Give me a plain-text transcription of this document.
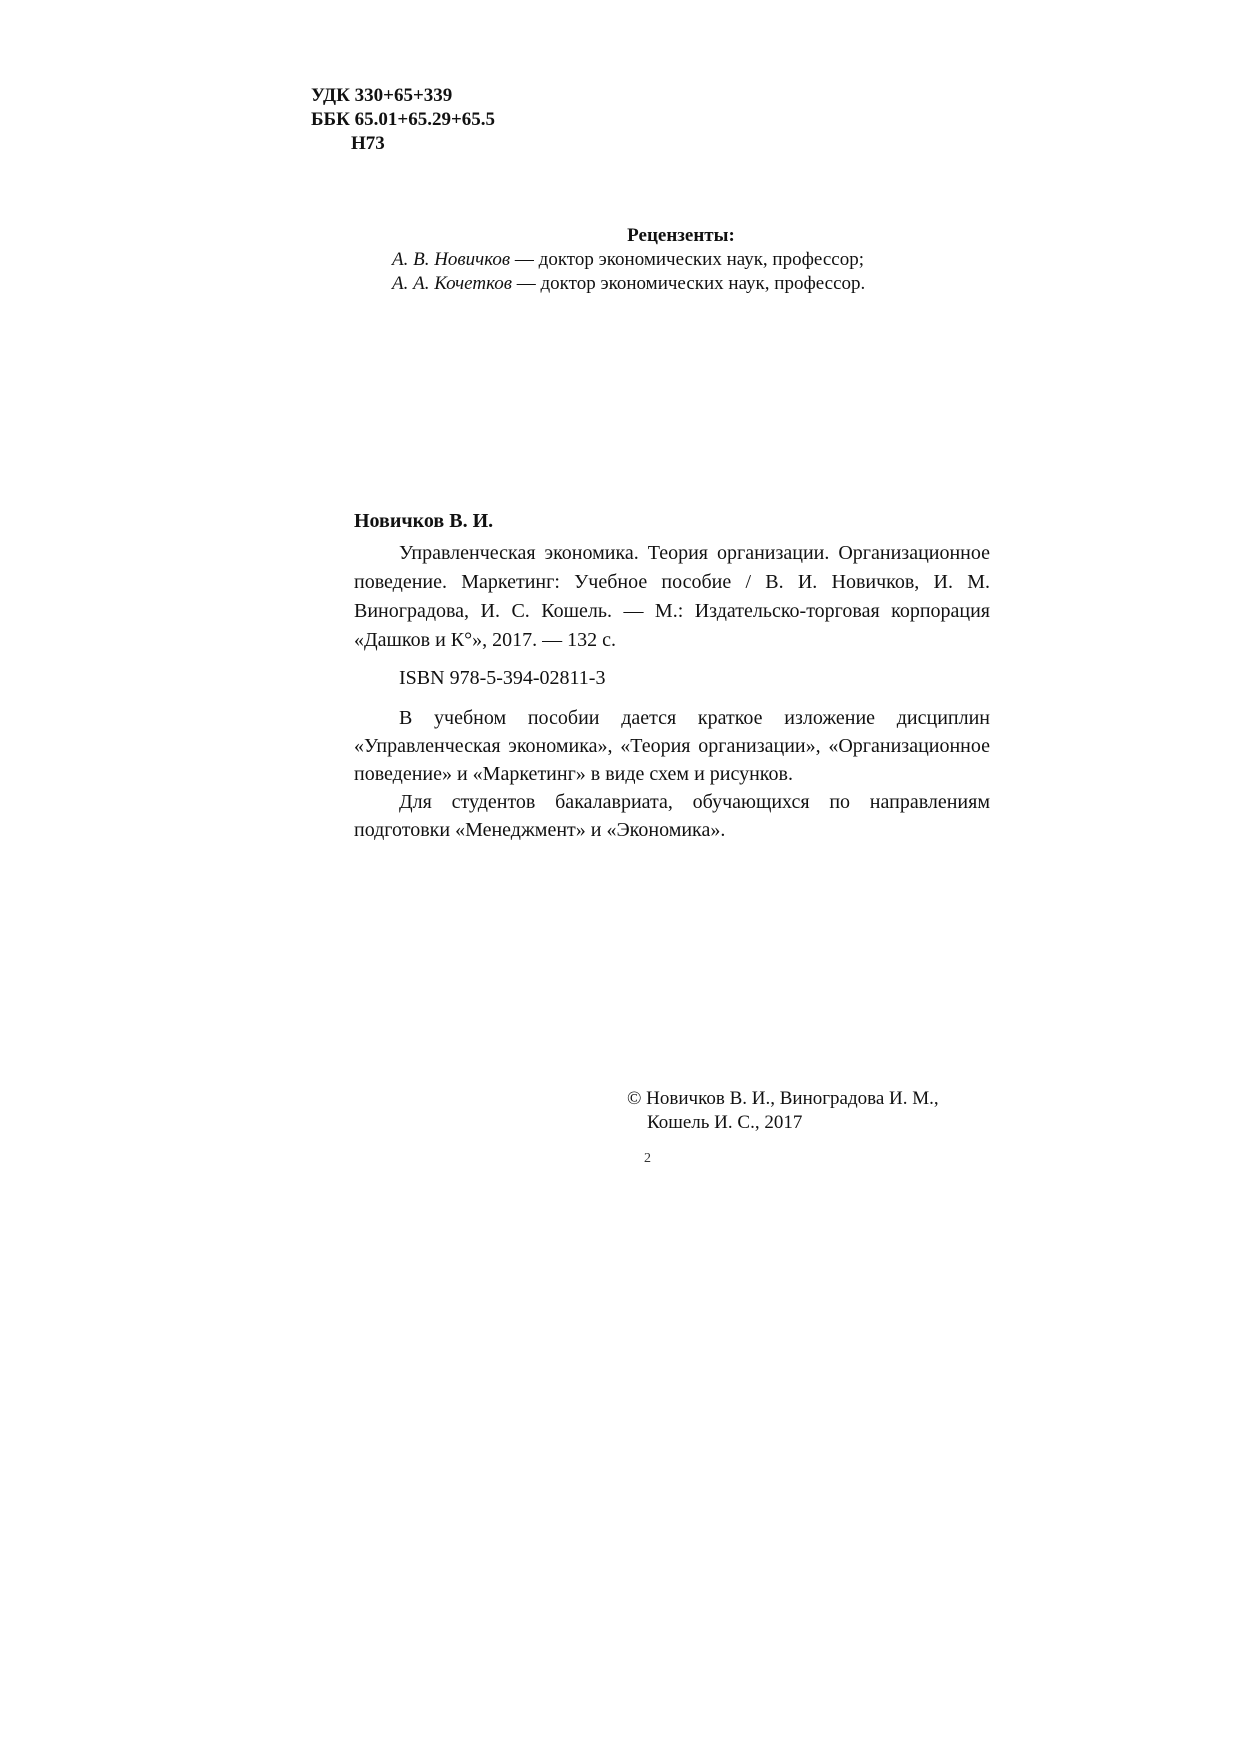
УДК 330+65+339
ББК 65.01+65.29+65.5
Н73
Рецензенты:
А. В. Новичков — доктор экономических наук, профессор;
А. А. Кочетков — доктор экономических наук, профессор.
Новичков В. И.

Управленческая экономика. Теория организации. Организационное поведение. Маркетинг: Учебное пособие / В. И. Новичков, И. М. Виноградова, И. С. Кошель. — М.: Издательско-торговая корпорация «Дашков и К°», 2017. — 132 с.

ISBN 978-5-394-02811-3

В учебном пособии дается краткое изложение дисциплин «Управленческая экономика», «Теория организации», «Организационное поведение» и «Маркетинг» в виде схем и рисунков.

Для студентов бакалавриата, обучающихся по направлениям подготовки «Менеджмент» и «Экономика».

© Новичков В. И., Виноградова И. М.,
Кошель И. С., 2017
2
